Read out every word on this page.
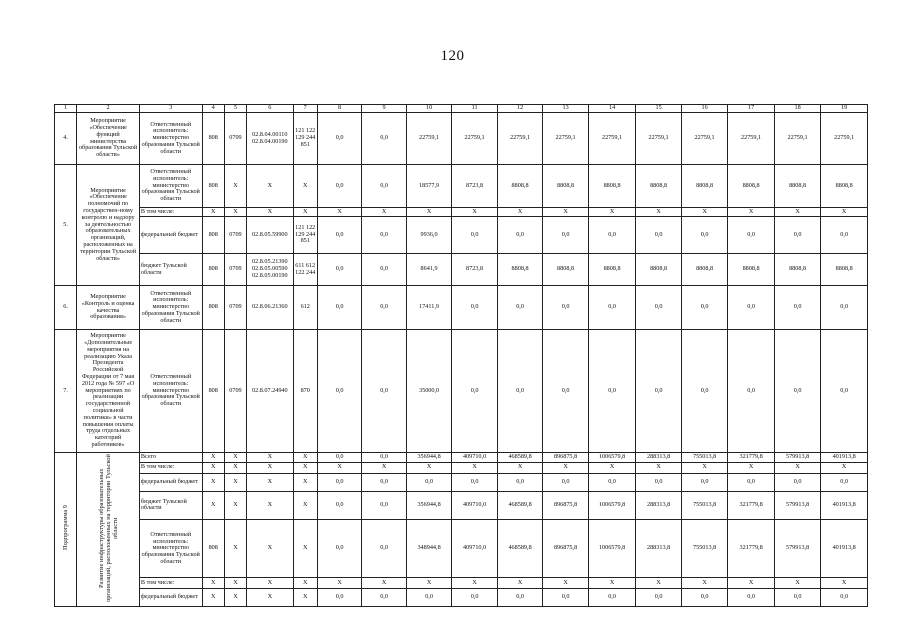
120
1	2	3	4	5	6	7	8	9	10	11	12	13	14	15	16	17	18	19
4.	Мероприятие «Обеспечение функций министерства образования Тульской области»	Ответственный исполнитель: министерство образования Тульской области	808	0709	02.8.04.00110 02.8.04.00190	121 122 129 244 851	0,0	0,0	22759,1	22759,1	22759,1	22759,1	22759,1	22759,1	22759,1	22759,1	22759,1	22759,1
5.	Мероприятие «Обеспечение полномочий по государствен-ному контролю и надзору за деятельностью образовательных организаций, расположенных на территории Тульской области»	Ответственный исполнитель: министерство образования Тульской области	808	X	X	X	0,0	0,0	18577,9	8723,8	8808,8	8808,8	8808,8	8808,8	8808,8	8808,8	8808,8	8808,8
		В том числе:	X	X	X	X	X	X	X	X	X	X	X	X	X	X	X	X
		федеральный бюджет	808	0709	02.8.05.59900	121 122 129 244 851	0,0	0,0	9936,0	0,0	0,0	0,0	0,0	0,0	0,0	0,0	0,0	0,0
		бюджет Тульской области	808	0709	02.8.05.21390 02.8.05.00590 02.8.05.00190	611 612 122 244	0,0	0,0	8641,9	8723,8	8808,8	8808,8	8808,8	8808,8	8808,8	8808,8	8808,8	8808,8
6.	Мероприятие «Контроль и оценка качества образования»	Ответственный исполнитель: министерство образования Тульской области	808	0709	02.8.06.21360	612	0,0	0,0	17411,9	0,0	0,0	0,0	0,0	0,0	0,0	0,0	0,0	0,0
7.	Мероприятие «Дополнительные мероприятия на реализацию Указа Президента Российской Федерации от 7 мая 2012 года № 597 «О мероприятиях по реализации государственной социальной политики» в части повышения оплаты труда отдельных категорий работников»	Ответственный исполнитель: министерство образования Тульской области	808	0709	02.8.07.24940	870	0,0	0,0	35000,0	0,0	0,0	0,0	0,0	0,0	0,0	0,0	0,0	0,0
Подпрограмма 9	Развитие инфраструктуры образовательных организаций, расположенных на территории Тульской области	Всего	X	X	X	X	0,0	0,0	356944,8	409710,0	468589,8	896875,8	1006579,8	288313,8	755013,8	321779,8	579913,8	401913,8
		В том числе:	X	X	X	X	X	X	X	X	X	X	X	X	X	X	X	X
		федеральный бюджет	X	X	X	X	0,0	0,0	0,0	0,0	0,0	0,0	0,0	0,0	0,0	0,0	0,0	0,0
		бюджет Тульской области	X	X	X	X	0,0	0,0	356944,8	409710,0	468589,8	896875,8	1006579,8	288313,8	755013,8	321779,8	579913,8	401913,8
		Ответственный исполнитель: министерство образования Тульской области	808	X	X	X	0,0	0,0	348944,8	409710,0	468589,8	896875,8	1006579,8	288313,8	755013,8	321779,8	579913,8	401913,8
		В том числе:	X	X	X	X	X	X	X	X	X	X	X	X	X	X	X	X
		федеральный бюджет	X	X	X	X	0,0	0,0	0,0	0,0	0,0	0,0	0,0	0,0	0,0	0,0	0,0	0,0
